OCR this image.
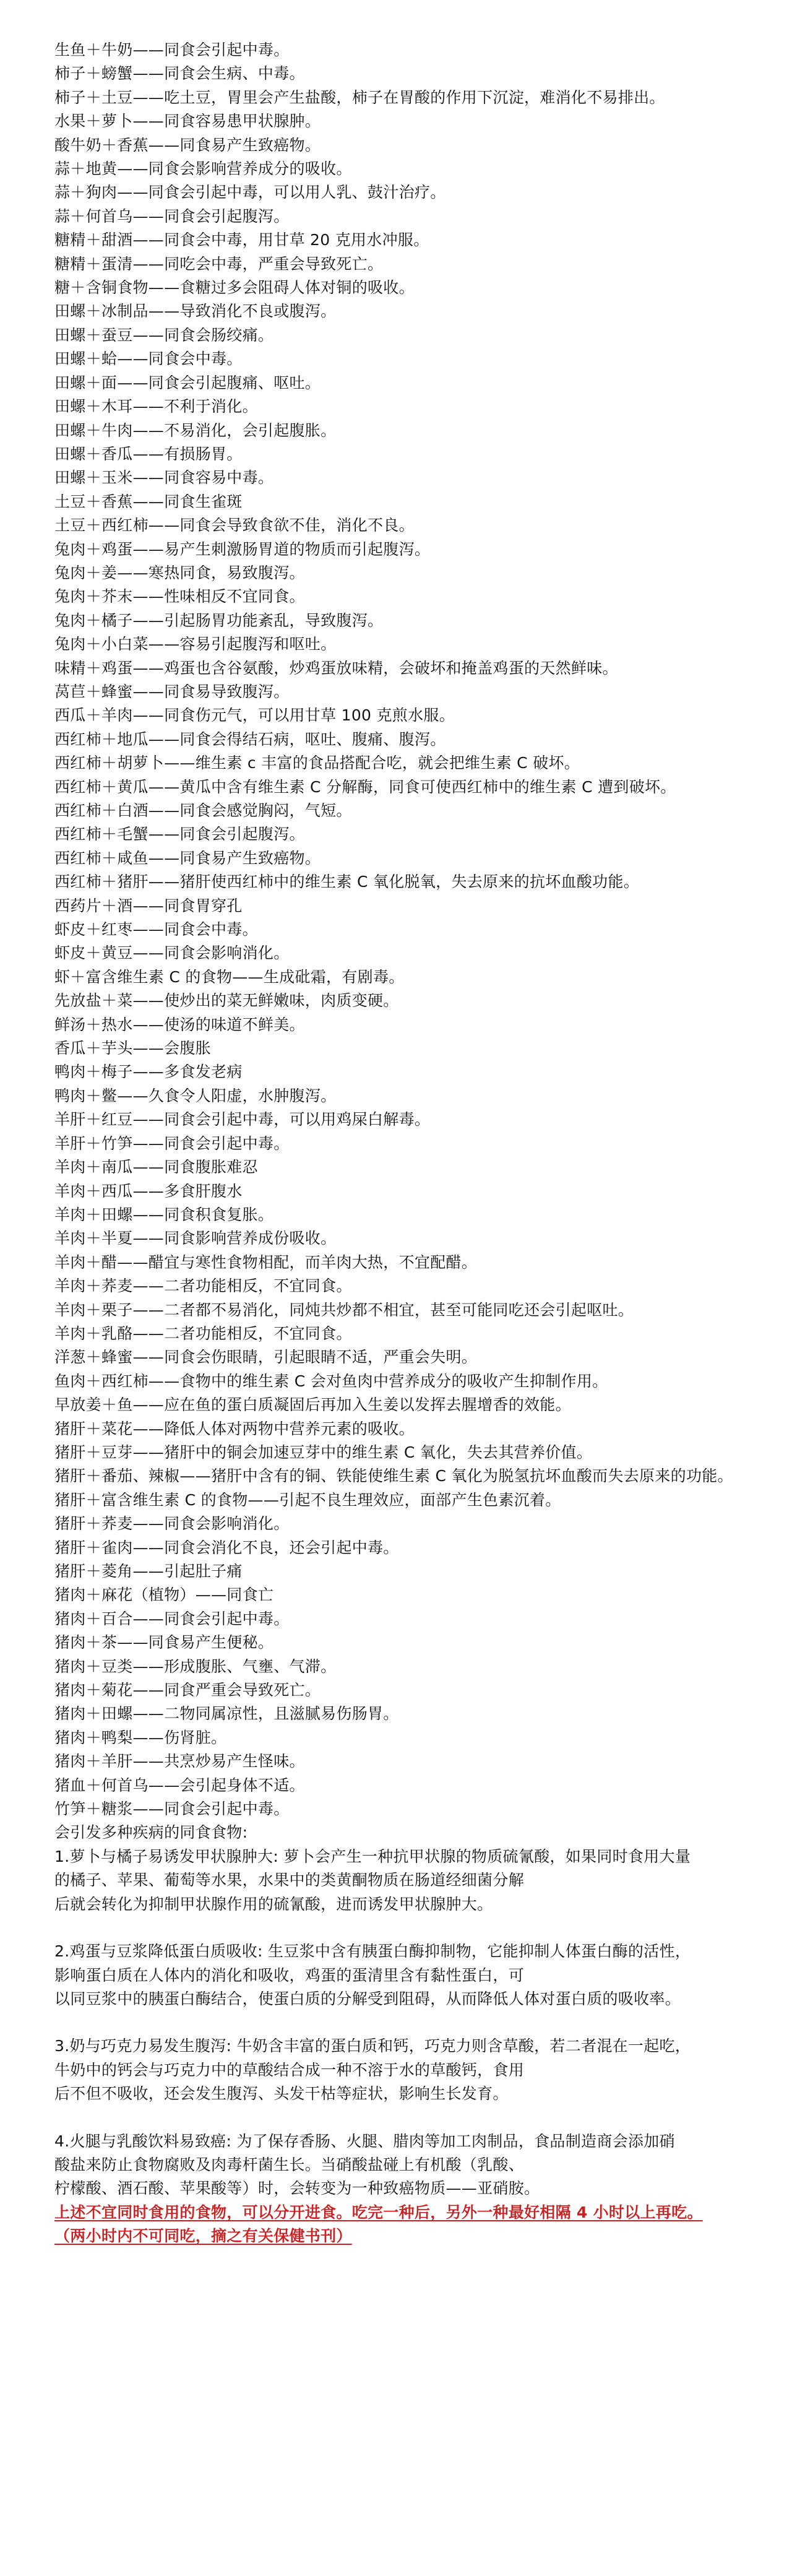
生鱼＋牛奶——同食会引起中毒。
柿子＋螃蟹——同食会生病、中毒。
柿子＋土豆——吃土豆，胃里会产生盐酸，柿子在胃酸的作用下沉淀，难消化不易排出。
水果＋萝卜——同食容易患甲状腺肿。
酸牛奶＋香蕉——同食易产生致癌物。
蒜＋地黄——同食会影响营养成分的吸收。
蒜＋狗肉——同食会引起中毒，可以用人乳、鼓汁治疗。
蒜＋何首乌——同食会引起腹泻。
糖精＋甜酒——同食会中毒，用甘草 20 克用水冲服。
糖精＋蛋清——同吃会中毒，严重会导致死亡。
糖＋含铜食物——食糖过多会阻碍人体对铜的吸收。
田螺＋冰制品——导致消化不良或腹泻。
田螺＋蚕豆——同食会肠绞痛。
田螺＋蛤——同食会中毒。
田螺＋面——同食会引起腹痛、呕吐。
田螺＋木耳——不利于消化。
田螺＋牛肉——不易消化，会引起腹胀。
田螺＋香瓜——有损肠胃。
田螺＋玉米——同食容易中毒。
土豆＋香蕉——同食生雀斑
土豆＋西红柿——同食会导致食欲不佳，消化不良。
兔肉＋鸡蛋——易产生刺激肠胃道的物质而引起腹泻。
兔肉＋姜——寒热同食，易致腹泻。
兔肉＋芥末——性味相反不宜同食。
兔肉＋橘子——引起肠胃功能紊乱，导致腹泻。
兔肉＋小白菜——容易引起腹泻和呕吐。
味精＋鸡蛋——鸡蛋也含谷氨酸，炒鸡蛋放味精，会破坏和掩盖鸡蛋的天然鲜味。
莴苣＋蜂蜜——同食易导致腹泻。
西瓜＋羊肉——同食伤元气，可以用甘草 100 克煎水服。
西红柿＋地瓜——同食会得结石病，呕吐、腹痛、腹泻。
西红柿＋胡萝卜——维生素 c 丰富的食品搭配合吃，就会把维生素 C 破坏。
西红柿＋黄瓜——黄瓜中含有维生素 C 分解酶，同食可使西红柿中的维生素 C 遭到破坏。
西红柿＋白酒——同食会感觉胸闷，气短。
西红柿＋毛蟹——同食会引起腹泻。
西红柿＋咸鱼——同食易产生致癌物。
西红柿＋猪肝——猪肝使西红柿中的维生素 C 氧化脱氧，失去原来的抗坏血酸功能。
西药片＋酒——同食胃穿孔
虾皮＋红枣——同食会中毒。
虾皮＋黄豆——同食会影响消化。
虾＋富含维生素 C 的食物——生成砒霜，有剧毒。
先放盐＋菜——使炒出的菜无鲜嫩味，肉质变硬。
鲜汤＋热水——使汤的味道不鲜美。
香瓜＋芋头——会腹胀
鸭肉＋梅子——多食发老病
鸭肉＋鳖——久食令人阳虚，水肿腹泻。
羊肝＋红豆——同食会引起中毒，可以用鸡屎白解毒。
羊肝＋竹笋——同食会引起中毒。
羊肉＋南瓜——同食腹胀难忍
羊肉＋西瓜——多食肝腹水
羊肉＋田螺——同食积食复胀。
羊肉＋半夏——同食影响营养成份吸收。
羊肉＋醋——醋宜与寒性食物相配，而羊肉大热，不宜配醋。
羊肉＋荞麦——二者功能相反，不宜同食。
羊肉＋栗子——二者都不易消化，同炖共炒都不相宜，甚至可能同吃还会引起呕吐。
羊肉＋乳酪——二者功能相反，不宜同食。
洋葱＋蜂蜜——同食会伤眼睛，引起眼睛不适，严重会失明。
鱼肉＋西红柿——食物中的维生素 C 会对鱼肉中营养成分的吸收产生抑制作用。
早放姜＋鱼——应在鱼的蛋白质凝固后再加入生姜以发挥去腥增香的效能。
猪肝＋菜花——降低人体对两物中营养元素的吸收。
猪肝＋豆芽——猪肝中的铜会加速豆芽中的维生素 C 氧化，失去其营养价值。
猪肝＋番茄、辣椒——猪肝中含有的铜、铁能使维生素 C 氧化为脱氢抗坏血酸而失去原来的功能。
猪肝＋富含维生素 C 的食物——引起不良生理效应，面部产生色素沉着。
猪肝＋荞麦——同食会影响消化。
猪肝＋雀肉——同食会消化不良，还会引起中毒。
猪肝＋菱角——引起肚子痛
猪肉＋麻花（植物）——同食亡
猪肉＋百合——同食会引起中毒。
猪肉＋茶——同食易产生便秘。
猪肉＋豆类——形成腹胀、气壅、气滞。
猪肉＋菊花——同食严重会导致死亡。
猪肉＋田螺——二物同属凉性，且滋腻易伤肠胃。
猪肉＋鸭梨——伤肾脏。
猪肉＋羊肝——共烹炒易产生怪味。
猪血＋何首乌——会引起身体不适。
竹笋＋糖浆——同食会引起中毒。
会引发多种疾病的同食食物:
1.萝卜与橘子易诱发甲状腺肿大: 萝卜会产生一种抗甲状腺的物质硫氰酸，如果同时食用大量
的橘子、苹果、葡萄等水果，水果中的类黄酮物质在肠道经细菌分解
后就会转化为抑制甲状腺作用的硫氰酸，进而诱发甲状腺肿大。
2.鸡蛋与豆浆降低蛋白质吸收: 生豆浆中含有胰蛋白酶抑制物，它能抑制人体蛋白酶的活性，
影响蛋白质在人体内的消化和吸收，鸡蛋的蛋清里含有黏性蛋白，可
以同豆浆中的胰蛋白酶结合，使蛋白质的分解受到阻碍，从而降低人体对蛋白质的吸收率。
3.奶与巧克力易发生腹泻: 牛奶含丰富的蛋白质和钙，巧克力则含草酸，若二者混在一起吃，
牛奶中的钙会与巧克力中的草酸结合成一种不溶于水的草酸钙，食用
后不但不吸收，还会发生腹泻、头发干枯等症状，影响生长发育。
4.火腿与乳酸饮料易致癌: 为了保存香肠、火腿、腊肉等加工肉制品，食品制造商会添加硝
酸盐来防止食物腐败及肉毒杆菌生长。当硝酸盐碰上有机酸（乳酸、
柠檬酸、酒石酸、苹果酸等）时，会转变为一种致癌物质——亚硝胺。
上述不宜同时食用的食物，可以分开进食。吃完一种后，另外一种最好相隔 4 小时以上再吃。
（两小时内不可同吃，摘之有关保健书刊）
